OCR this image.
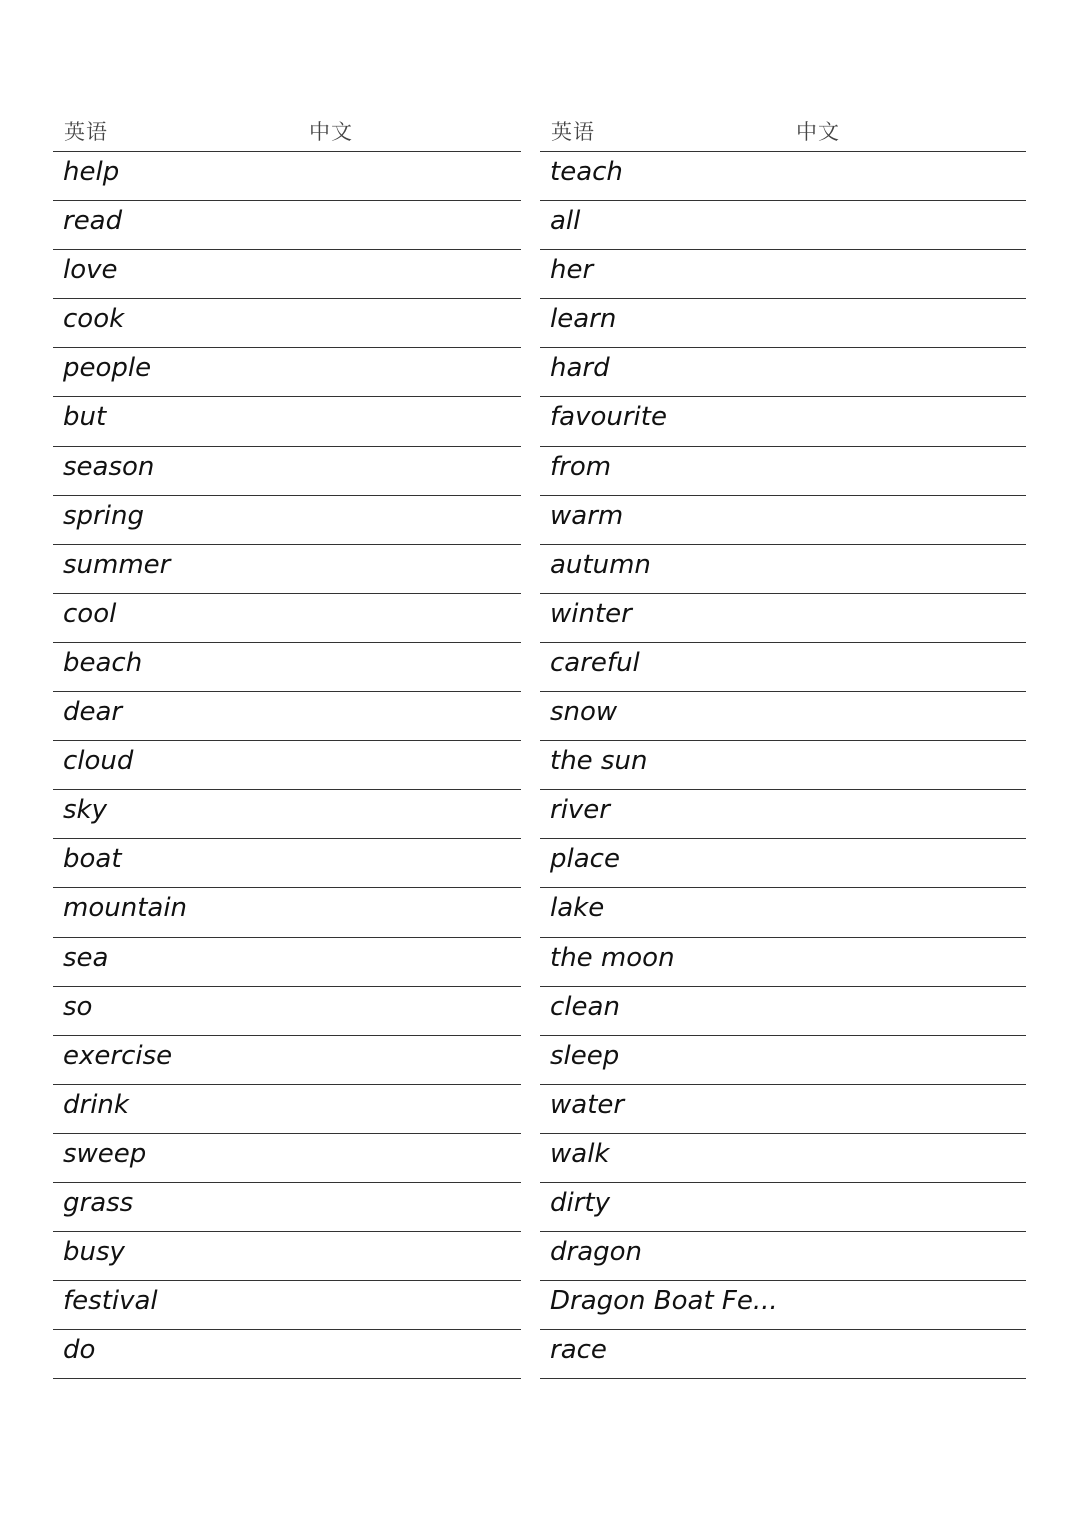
英语	中文
help
read
love
cook
people
but
season
spring
summer
cool
beach
dear
cloud
sky
boat
mountain
sea
so
exercise
drink
sweep
grass
busy
festival
do
英语	中文
teach
all
her
learn
hard
favourite
from
warm
autumn
winter
careful
snow
the sun
river
place
lake
the moon
clean
sleep
water
walk
dirty
dragon
Dragon Boat Fe...
race
